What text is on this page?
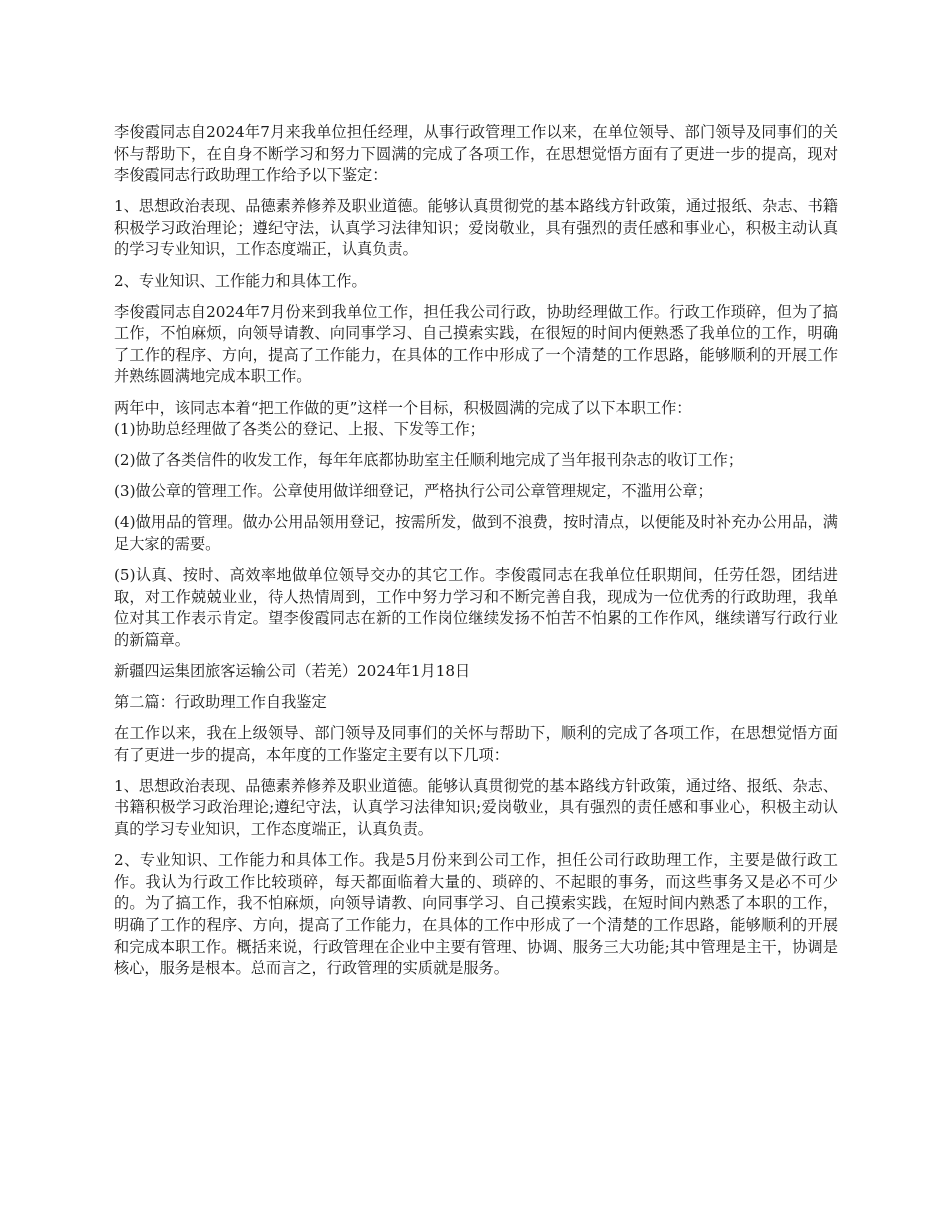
李俊霞同志自2024年7月来我单位担任经理，从事行政管理工作以来，在单位领导、部门领导及同事们的关怀与帮助下，在自身不断学习和努力下圆满的完成了各项工作，在思想觉悟方面有了更进一步的提高，现对李俊霞同志行政助理工作给予以下鉴定：

1、思想政治表现、品德素养修养及职业道德。能够认真贯彻党的基本路线方针政策，通过报纸、杂志、书籍积极学习政治理论；遵纪守法，认真学习法律知识；爱岗敬业，具有强烈的责任感和事业心，积极主动认真的学习专业知识，工作态度端正，认真负责。

2、专业知识、工作能力和具体工作。

李俊霞同志自2024年7月份来到我单位工作，担任我公司行政，协助经理做工作。行政工作琐碎，但为了搞工作，不怕麻烦，向领导请教、向同事学习、自己摸索实践，在很短的时间内便熟悉了我单位的工作，明确了工作的程序、方向，提高了工作能力，在具体的工作中形成了一个清楚的工作思路，能够顺利的开展工作并熟练圆满地完成本职工作。

两年中，该同志本着“把工作做的更”这样一个目标，积极圆满的完成了以下本职工作：

(1)协助总经理做了各类公的登记、上报、下发等工作；

(2)做了各类信件的收发工作，每年年底都协助室主任顺利地完成了当年报刊杂志的收订工作；

(3)做公章的管理工作。公章使用做详细登记，严格执行公司公章管理规定，不滥用公章；

(4)做用品的管理。做办公用品领用登记，按需所发，做到不浪费，按时清点，以便能及时补充办公用品，满足大家的需要。

(5)认真、按时、高效率地做单位领导交办的其它工作。李俊霞同志在我单位任职期间，任劳任怨，团结进取，对工作兢兢业业，待人热情周到，工作中努力学习和不断完善自我，现成为一位优秀的行政助理，我单位对其工作表示肯定。望李俊霞同志在新的工作岗位继续发扬不怕苦不怕累的工作作风，继续谱写行政行业的新篇章。

新疆四运集团旅客运输公司（若羌）2024年1月18日

第二篇：行政助理工作自我鉴定

在工作以来，我在上级领导、部门领导及同事们的关怀与帮助下，顺利的完成了各项工作，在思想觉悟方面有了更进一步的提高，本年度的工作鉴定主要有以下几项：

1、思想政治表现、品德素养修养及职业道德。能够认真贯彻党的基本路线方针政策，通过络、报纸、杂志、书籍积极学习政治理论;遵纪守法，认真学习法律知识;爱岗敬业，具有强烈的责任感和事业心，积极主动认真的学习专业知识，工作态度端正，认真负责。

2、专业知识、工作能力和具体工作。我是5月份来到公司工作，担任公司行政助理工作，主要是做行政工作。我认为行政工作比较琐碎，每天都面临着大量的、琐碎的、不起眼的事务，而这些事务又是必不可少的。为了搞工作，我不怕麻烦，向领导请教、向同事学习、自己摸索实践，在短时间内熟悉了本职的工作，明确了工作的程序、方向，提高了工作能力，在具体的工作中形成了一个清楚的工作思路，能够顺利的开展和完成本职工作。概括来说，行政管理在企业中主要有管理、协调、服务三大功能;其中管理是主干，协调是核心，服务是根本。总而言之，行政管理的实质就是服务。
